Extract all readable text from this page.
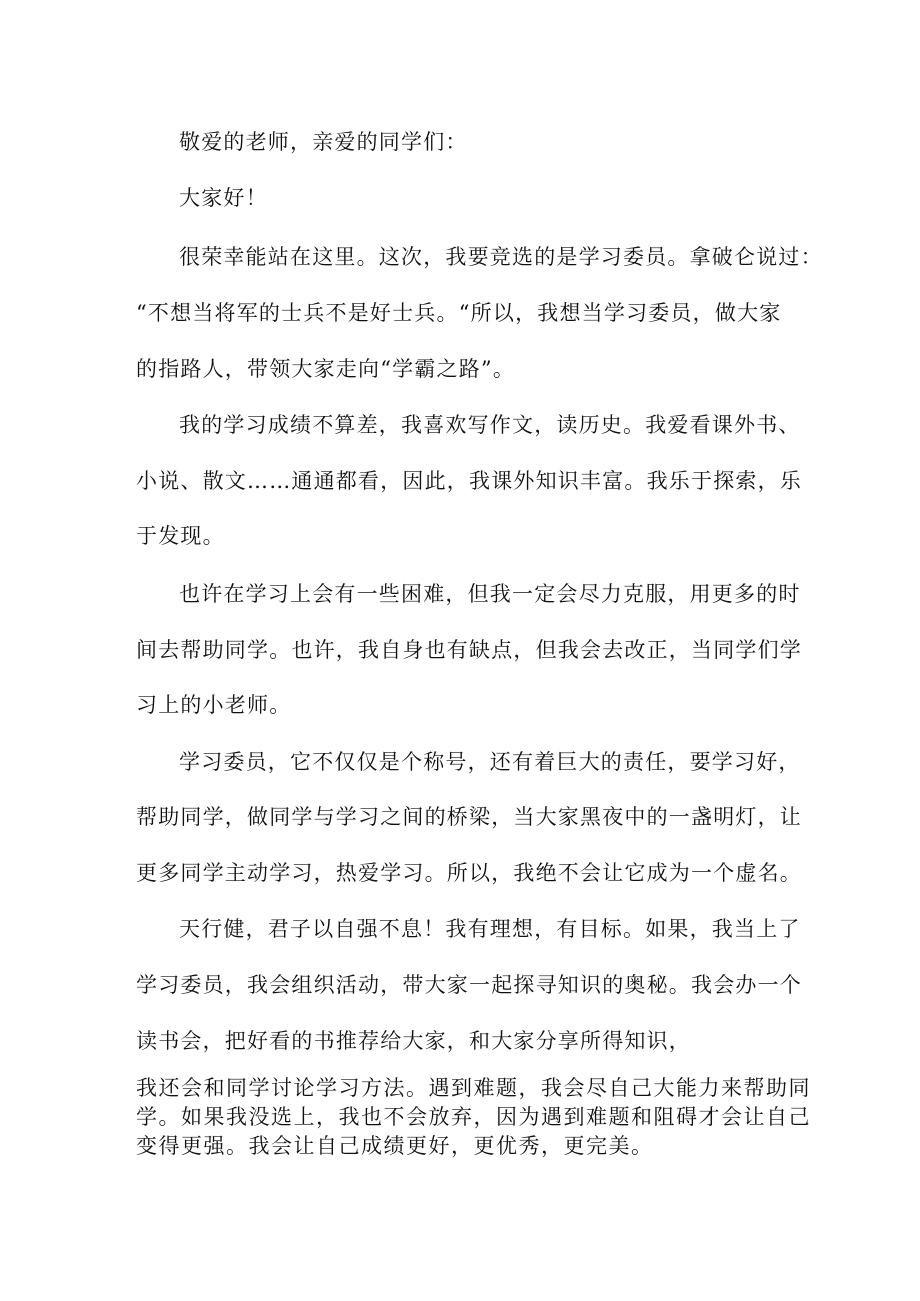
敬爱的老师，亲爱的同学们：
大家好！
很荣幸能站在这里。这次，我要竞选的是学习委员。拿破仑说过：
“不想当将军的士兵不是好士兵。“所以，我想当学习委员，做大家
的指路人，带领大家走向“学霸之路”。
我的学习成绩不算差，我喜欢写作文，读历史。我爱看课外书、
小说、散文……通通都看，因此，我课外知识丰富。我乐于探索，乐
于发现。
也许在学习上会有一些困难，但我一定会尽力克服，用更多的时
间去帮助同学。也许，我自身也有缺点，但我会去改正，当同学们学
习上的小老师。
学习委员，它不仅仅是个称号，还有着巨大的责任，要学习好，
帮助同学，做同学与学习之间的桥梁，当大家黑夜中的一盏明灯，让
更多同学主动学习，热爱学习。所以，我绝不会让它成为一个虚名。
天行健，君子以自强不息！我有理想，有目标。如果，我当上了
学习委员，我会组织活动，带大家一起探寻知识的奥秘。我会办一个
读书会，把好看的书推荐给大家，和大家分享所得知识，
我还会和同学讨论学习方法。遇到难题，我会尽自己大能力来帮助同
学。如果我没选上，我也不会放弃，因为遇到难题和阻碍才会让自己
变得更强。我会让自己成绩更好，更优秀，更完美。
